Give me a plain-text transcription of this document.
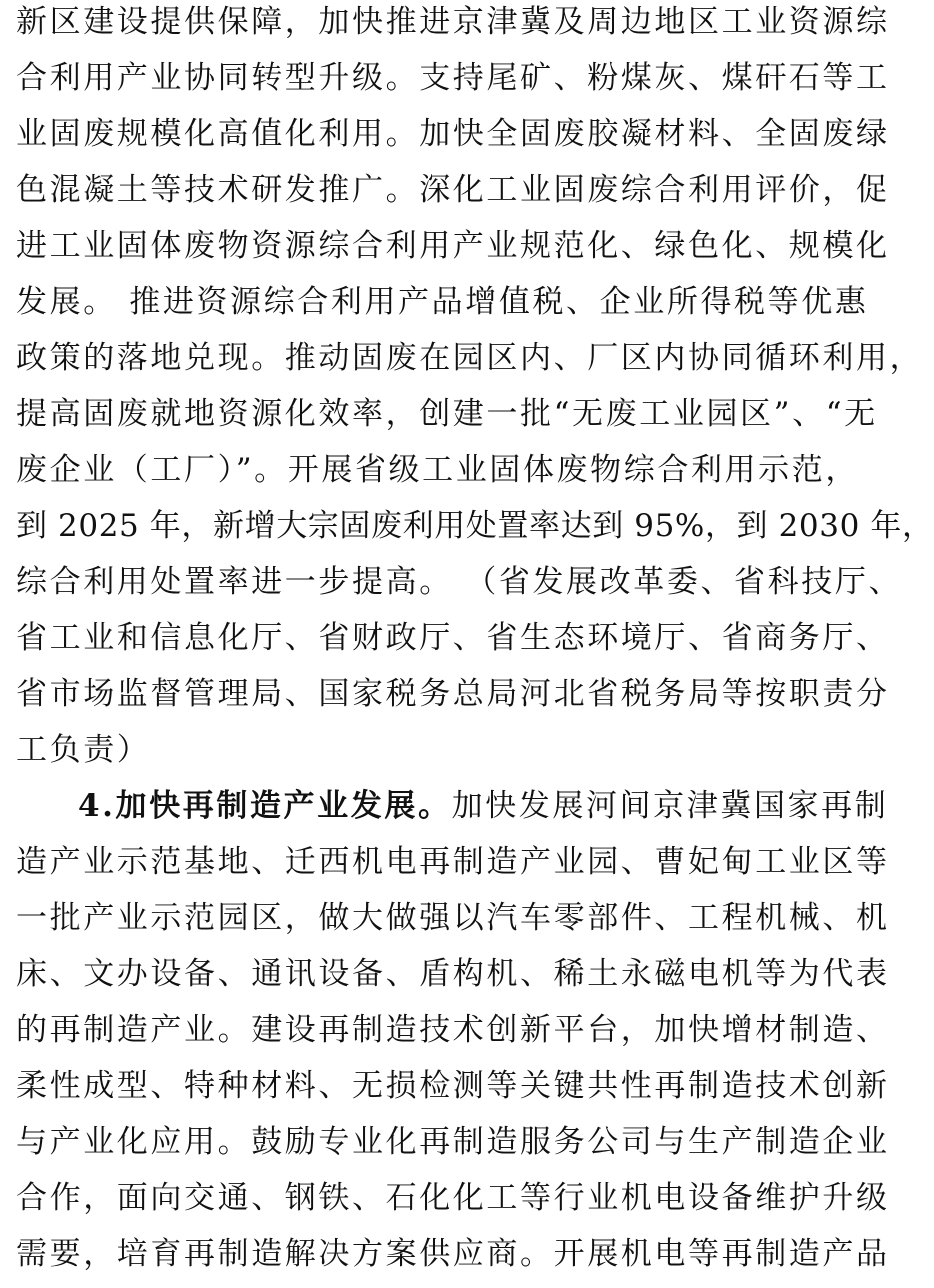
新区建设提供保障，加快推进京津冀及周边地区工业资源综
合利用产业协同转型升级。支持尾矿、粉煤灰、煤矸石等工
业固废规模化高值化利用。加快全固废胶凝材料、全固废绿
色混凝土等技术研发推广。深化工业固废综合利用评价，促
进工业固体废物资源综合利用产业规范化、绿色化、规模化
发展。 推进资源综合利用产品增值税、企业所得税等优惠
政策的落地兑现。推动固废在园区内、厂区内协同循环利用，
提高固废就地资源化效率，创建一批“无废工业园区”、“无
废企业（工厂）”。开展省级工业固体废物综合利用示范，
到 2025 年，新增大宗固废利用处置率达到 95%，到 2030 年，
综合利用处置率进一步提高。 （省发展改革委、省科技厅、
省工业和信息化厅、省财政厅、省生态环境厅、省商务厅、
省市场监督管理局、国家税务总局河北省税务局等按职责分
工负责）
4.加快再制造产业发展。加快发展河间京津冀国家再制
造产业示范基地、迁西机电再制造产业园、曹妃甸工业区等
一批产业示范园区，做大做强以汽车零部件、工程机械、机
床、文办设备、通讯设备、盾构机、稀土永磁电机等为代表
的再制造产业。建设再制造技术创新平台，加快增材制造、
柔性成型、特种材料、无损检测等关键共性再制造技术创新
与产业化应用。鼓励专业化再制造服务公司与生产制造企业
合作，面向交通、钢铁、石化化工等行业机电设备维护升级
需要，培育再制造解决方案供应商。开展机电等再制造产品
